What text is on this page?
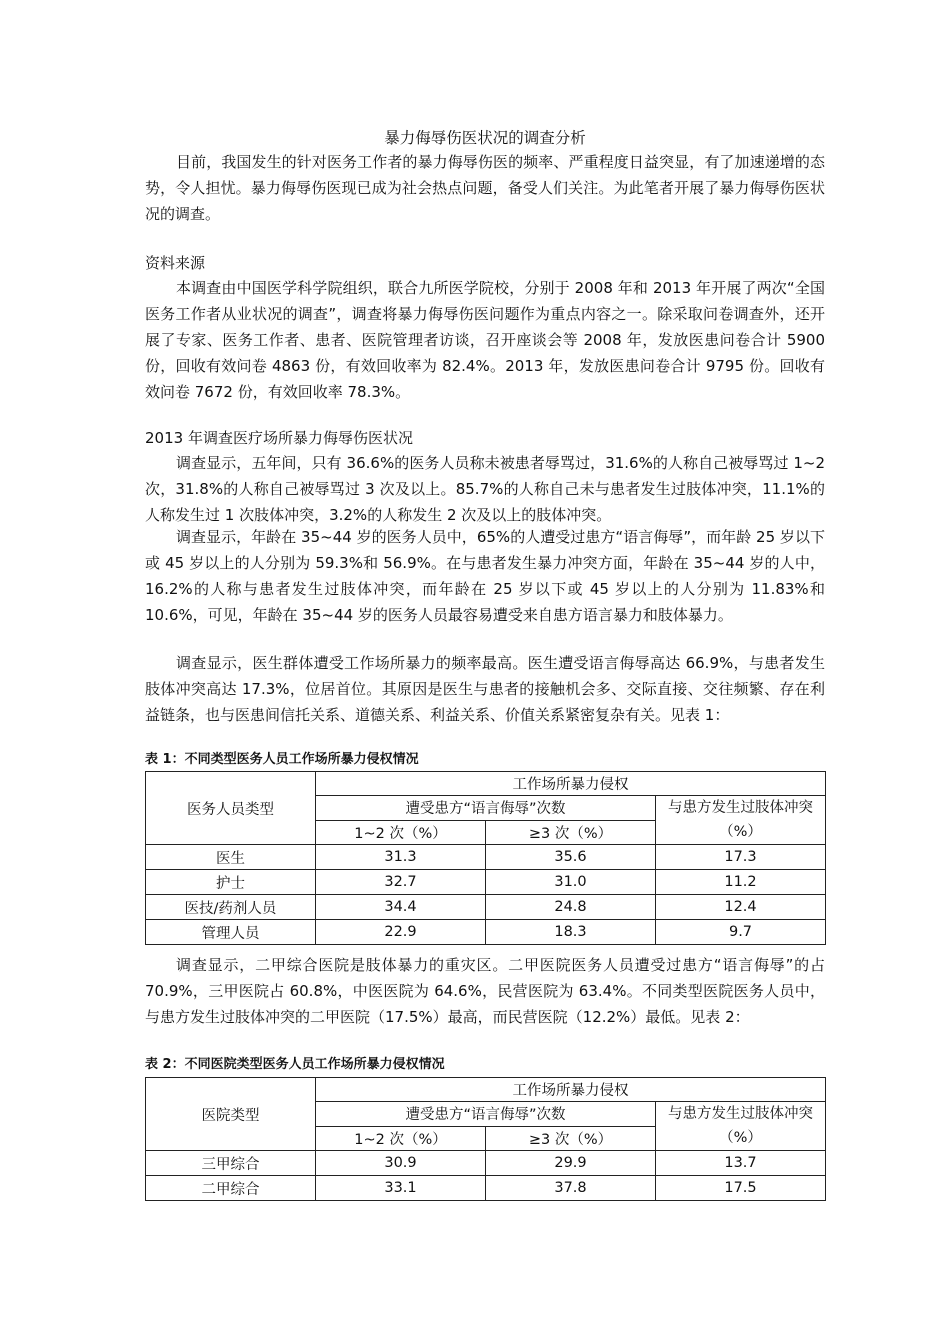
暴力侮辱伤医状况的调查分析
目前，我国发生的针对医务工作者的暴力侮辱伤医的频率、严重程度日益突显，有了加速递增的态势，令人担忧。暴力侮辱伤医现已成为社会热点问题，备受人们关注。为此笔者开展了暴力侮辱伤医状况的调查。
资料来源
本调查由中国医学科学院组织，联合九所医学院校，分别于 2008 年和 2013 年开展了两次“全国医务工作者从业状况的调查”，调查将暴力侮辱伤医问题作为重点内容之一。除采取问卷调查外，还开展了专家、医务工作者、患者、医院管理者访谈，召开座谈会等 2008 年，发放医患问卷合计 5900 份，回收有效问卷 4863 份，有效回收率为 82.4%。2013 年，发放医患问卷合计 9795 份。回收有效问卷 7672 份，有效回收率 78.3%。
2013 年调查医疗场所暴力侮辱伤医状况
调查显示，五年间，只有 36.6%的医务人员称未被患者辱骂过，31.6%的人称自己被辱骂过 1~2 次，31.8%的人称自己被辱骂过 3 次及以上。85.7%的人称自己未与患者发生过肢体冲突，11.1%的人称发生过 1 次肢体冲突，3.2%的人称发生 2 次及以上的肢体冲突。
调查显示，年龄在 35~44 岁的医务人员中，65%的人遭受过患方“语言侮辱”，而年龄 25 岁以下或 45 岁以上的人分别为 59.3%和 56.9%。在与患者发生暴力冲突方面，年龄在 35~44 岁的人中，16.2%的人称与患者发生过肢体冲突，而年龄在 25 岁以下或 45 岁以上的人分别为 11.83%和 10.6%，可见，年龄在 35~44 岁的医务人员最容易遭受来自患方语言暴力和肢体暴力。
调查显示，医生群体遭受工作场所暴力的频率最高。医生遭受语言侮辱高达 66.9%，与患者发生肢体冲突高达 17.3%，位居首位。其原因是医生与患者的接触机会多、交际直接、交往频繁、存在利益链条，也与医患间信托关系、道德关系、利益关系、价值关系紧密复杂有关。见表 1：
表 1：不同类型医务人员工作场所暴力侵权情况
医务人员类型	工作场所暴力侵权		
	遭受患方“语言侮辱”次数		与患方发生过肢体冲突（%）
	1~2 次（%）	≥3 次（%）	
医生	31.3	35.6	17.3
护士	32.7	31.0	11.2
医技/药剂人员	34.4	24.8	12.4
管理人员	22.9	18.3	9.7
调查显示，二甲综合医院是肢体暴力的重灾区。二甲医院医务人员遭受过患方“语言侮辱”的占 70.9%，三甲医院占 60.8%，中医医院为 64.6%，民营医院为 63.4%。不同类型医院医务人员中，与患方发生过肢体冲突的二甲医院（17.5%）最高，而民营医院（12.2%）最低。见表 2：
表 2：不同医院类型医务人员工作场所暴力侵权情况
医院类型	工作场所暴力侵权		
	遭受患方“语言侮辱”次数		与患方发生过肢体冲突（%）
	1~2 次（%）	≥3 次（%）	
三甲综合	30.9	29.9	13.7
二甲综合	33.1	37.8	17.5
